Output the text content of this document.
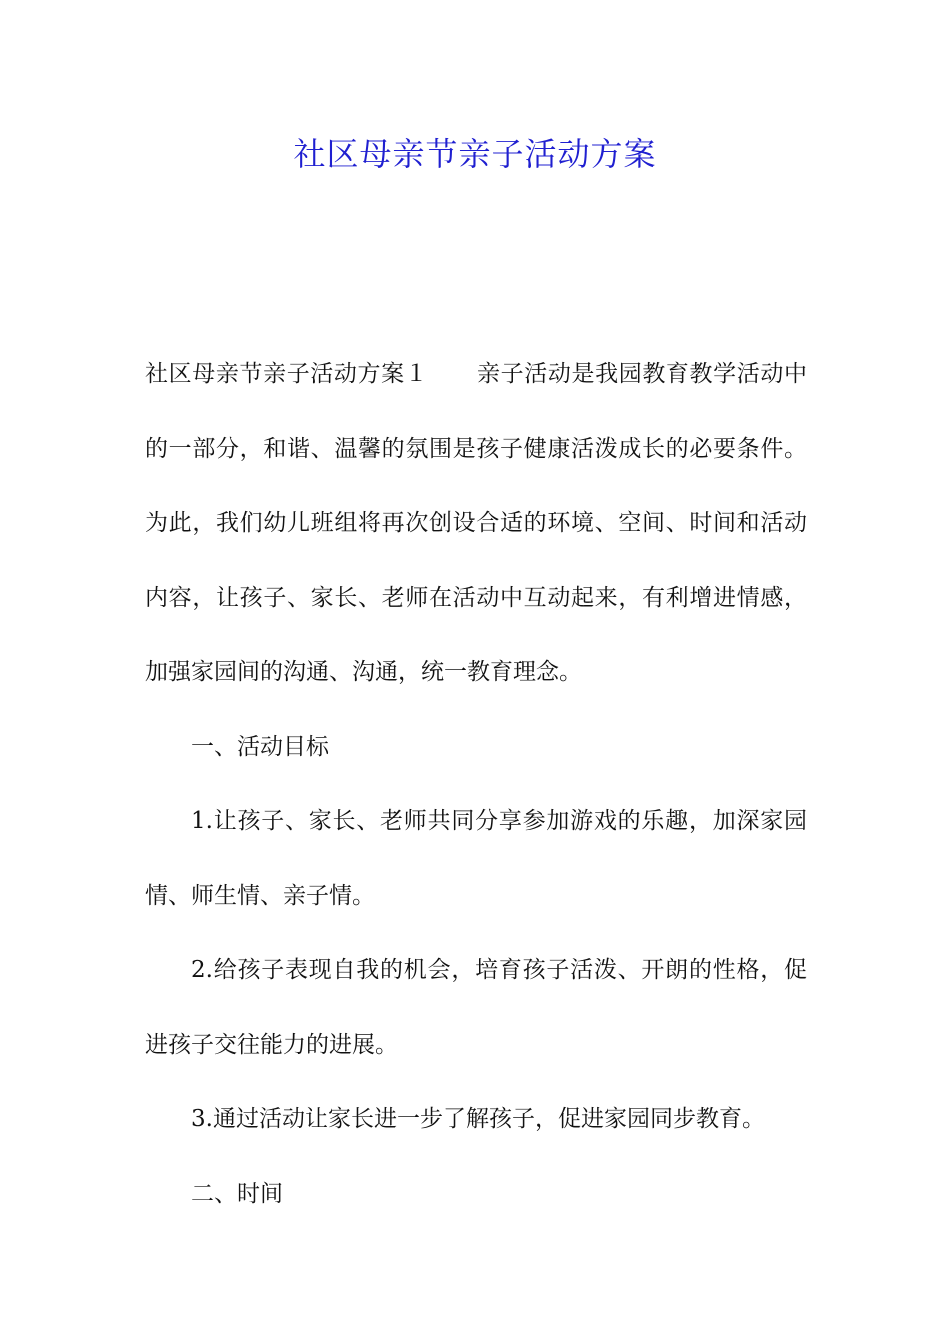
社区母亲节亲子活动方案

社区母亲节亲子活动方案１ 亲子活动是我园教育教学活动中的一部分，和谐、温馨的氛围是孩子健康活泼成长的必要条件。为此，我们幼儿班组将再次创设合适的环境、空间、时间和活动内容，让孩子、家长、老师在活动中互动起来，有利增进情感，加强家园间的沟通、沟通，统一教育理念。

一、活动目标

1.让孩子、家长、老师共同分享参加游戏的乐趣，加深家园情、师生情、亲子情。

2.给孩子表现自我的机会，培育孩子活泼、开朗的性格，促进孩子交往能力的进展。

3.通过活动让家长进一步了解孩子，促进家园同步教育。

二、时间
